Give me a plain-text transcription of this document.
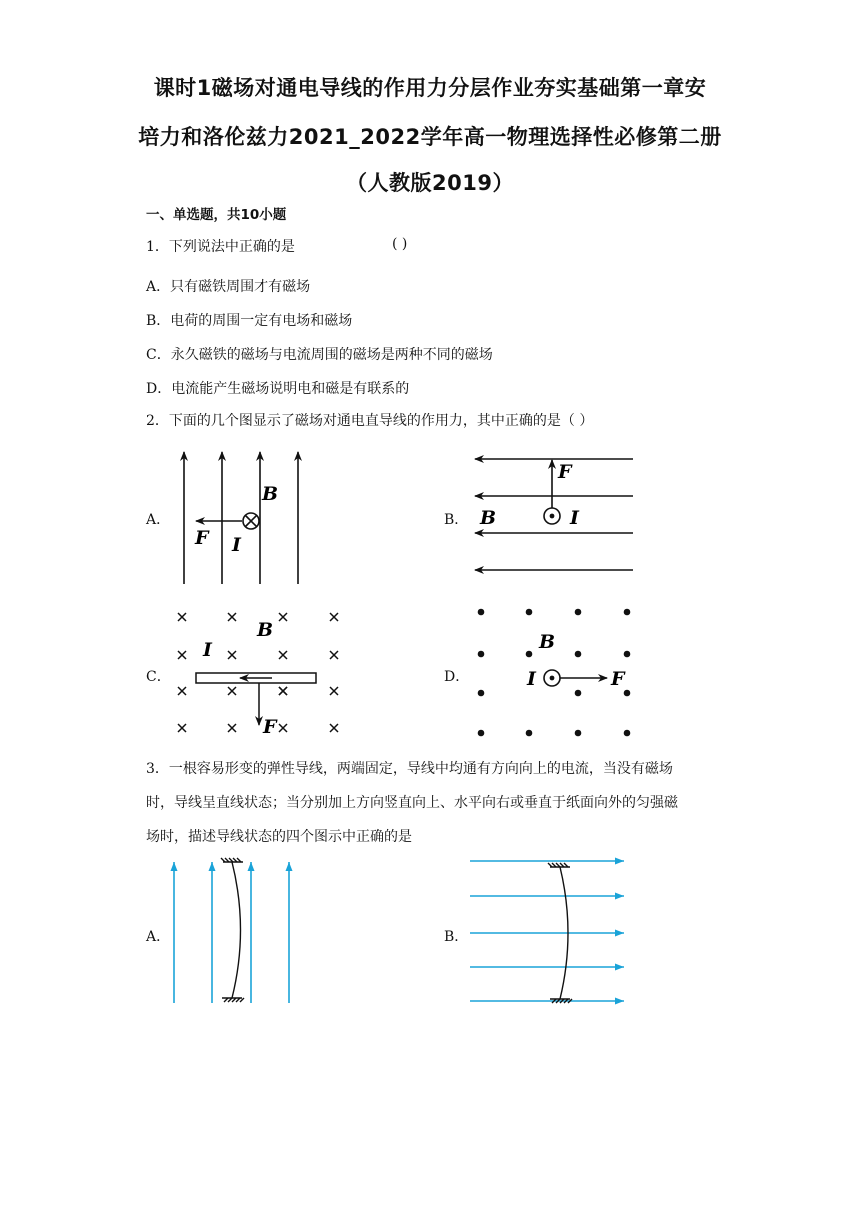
课时1磁场对通电导线的作用力分层作业夯实基础第一章安
培力和洛伦兹力2021_2022学年高一物理选择性必修第二册
（人教版2019）
一、单选题，共10小题
1．下列说法中正确的是	( )
A．只有磁铁周围才有磁场
B．电荷的周围一定有电场和磁场
C．永久磁铁的磁场与电流周围的磁场是两种不同的磁场
D．电流能产生磁场说明电和磁是有联系的
2．下面的几个图显示了磁场对通电直导线的作用力，其中正确的是（ ）
A．	B．
C．	D．
B
F I
B
F
I
B
I
F
B
I	F
3．一根容易形变的弹性导线，两端固定，导线中均通有方向向上的电流，当没有磁场
时，导线呈直线状态；当分别加上方向竖直向上、水平向右或垂直于纸面向外的匀强磁
场时，描述导线状态的四个图示中正确的是
A．	B．
